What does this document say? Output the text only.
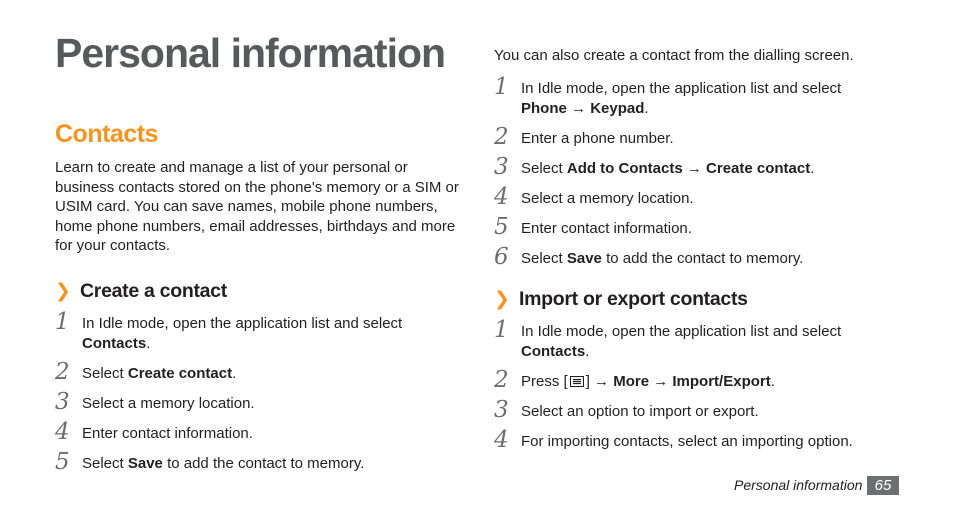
Personal information
Contacts

Learn to create and manage a list of your personal or business contacts stored on the phone's memory or a SIM or USIM card. You can save names, mobile phone numbers, home phone numbers, email addresses, birthdays and more for your contacts.

❯ Create a contact
1 In Idle mode, open the application list and select
Contacts.
2 Select Create contact.
3 Select a memory location.
4 Enter contact information.
5 Select Save to add the contact to memory.

You can also create a contact from the dialling screen.

1 In Idle mode, open the application list and select
Phone → Keypad.
2 Enter a phone number.
3 Select Add to Contacts → Create contact.
4 Select a memory location.
5 Enter contact information.
6 Select Save to add the contact to memory.
❯ Import or export contacts
1 In Idle mode, open the application list and select
Contacts.
2 Press [ ] → More → Import/Export.
3 Select an option to import or export.
4 For importing contacts, select an importing option.
Personal information 65
